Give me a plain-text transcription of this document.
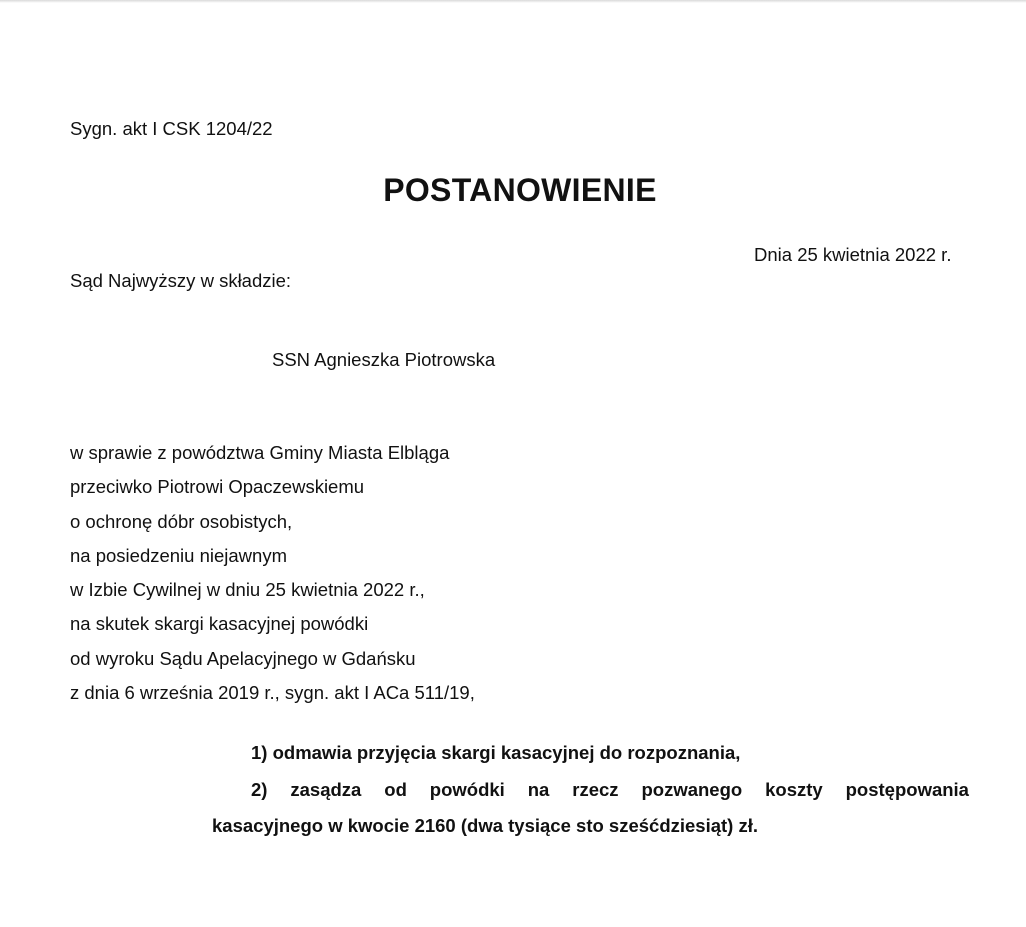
Sygn. akt I CSK 1204/22
POSTANOWIENIE
Dnia 25 kwietnia 2022 r.
Sąd Najwyższy w składzie:
SSN Agnieszka Piotrowska
w sprawie z powództwa Gminy Miasta Elbląga
przeciwko Piotrowi Opaczewskiemu
o ochronę dóbr osobistych,
na posiedzeniu niejawnym
w Izbie Cywilnej w dniu 25 kwietnia 2022 r.,
na skutek skargi kasacyjnej powódki
od wyroku Sądu Apelacyjnego w Gdańsku
z dnia 6 września 2019 r., sygn. akt I ACa 511/19,
1) odmawia przyjęcia skargi kasacyjnej do rozpoznania,
2) zasądza od powódki na rzecz pozwanego koszty postępowania
kasacyjnego w kwocie 2160 (dwa tysiące sto sześćdziesiąt) zł.
